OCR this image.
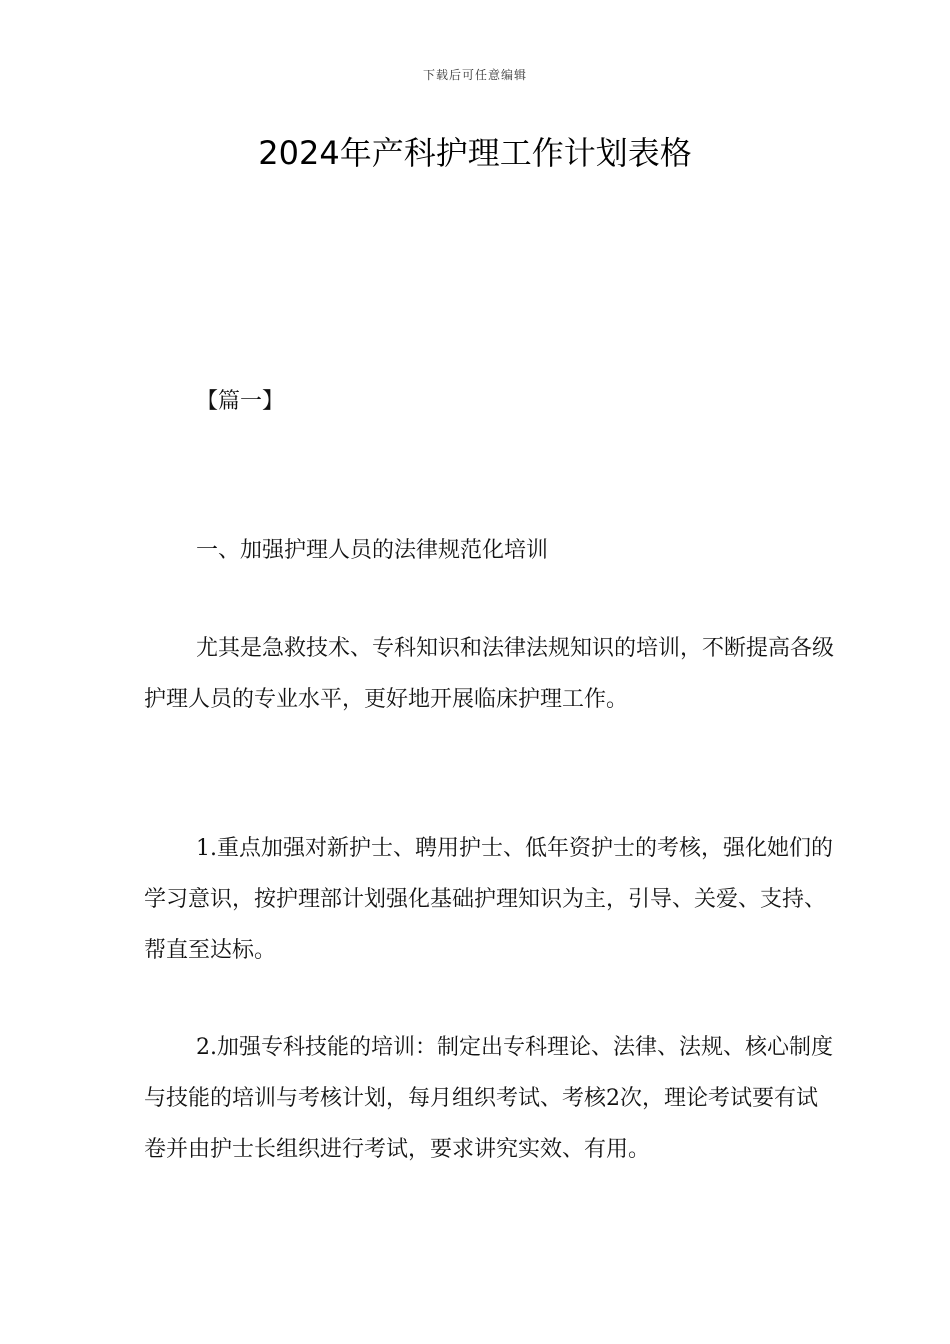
下载后可任意编辑
2024年产科护理工作计划表格
【篇一】
一、加强护理人员的法律规范化培训

尤其是急救技术、专科知识和法律法规知识的培训，不断提高各级护理人员的专业水平，更好地开展临床护理工作。

1.重点加强对新护士、聘用护士、低年资护士的考核，强化她们的学习意识，按护理部计划强化基础护理知识为主，引导、关爱、支持、帮直至达标。

2.加强专科技能的培训：制定出专科理论、法律、法规、核心制度与技能的培训与考核计划，每月组织考试、考核2次，理论考试要有试卷并由护士长组织进行考试，要求讲究实效、有用。
